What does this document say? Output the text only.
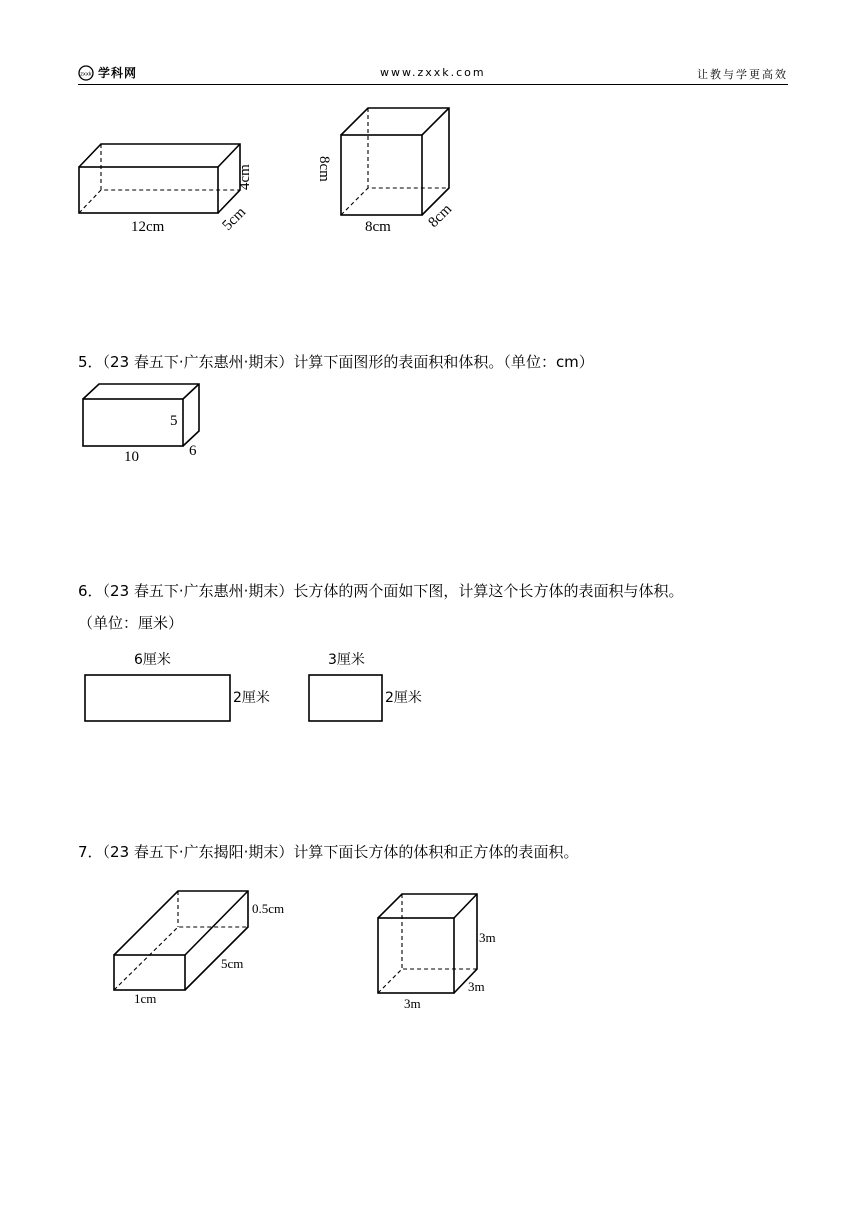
zxxk 学科网	www.zxxk.com	让教与学更高效
12cm
4cm
5cm
8cm
8cm 8cm
5．（23 春五下·广东惠州·期末）计算下面图形的表面积和体积。（单位：cm）
10
5
6
6．（23 春五下·广东惠州·期末）长方体的两个面如下图，计算这个长方体的表面积与体积。
（单位：厘米）
6厘米
2厘米
3厘米
2厘米
7．（23 春五下·广东揭阳·期末）计算下面长方体的体积和正方体的表面积。
0.5cm
5cm
1cm
3m
3m
3m
